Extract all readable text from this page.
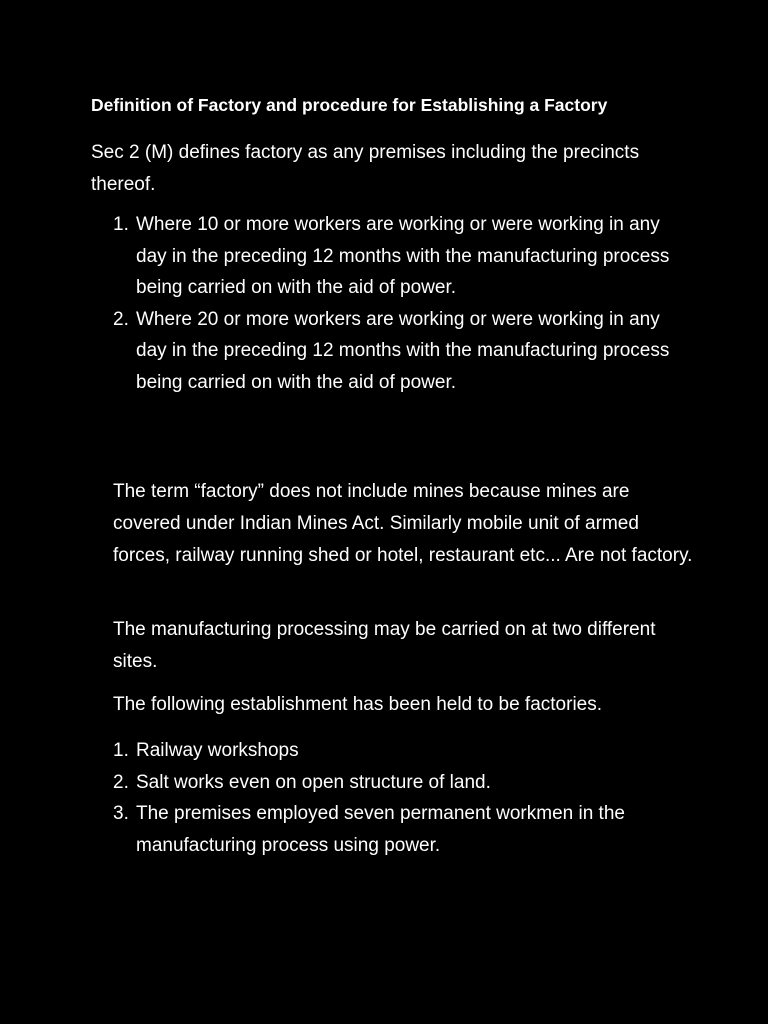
Definition of Factory and procedure for Establishing a Factory
Sec 2 (M) defines factory as any premises including the precincts thereof.
1. Where 10 or more workers are working or were working in any day in the preceding 12 months with the manufacturing process being carried on with the aid of power.
2. Where 20 or more workers are working or were working in any day in the preceding 12 months with the manufacturing process being carried on with the aid of power.

The term “factory” does not include mines because mines are covered under Indian Mines Act. Similarly mobile unit of armed forces, railway running shed or hotel, restaurant etc... Are not factory.

The manufacturing processing may be carried on at two different sites.

The following establishment has been held to be factories.

1. Railway workshops
2. Salt works even on open structure of land.
3. The premises employed seven permanent workmen in the manufacturing process using power.
